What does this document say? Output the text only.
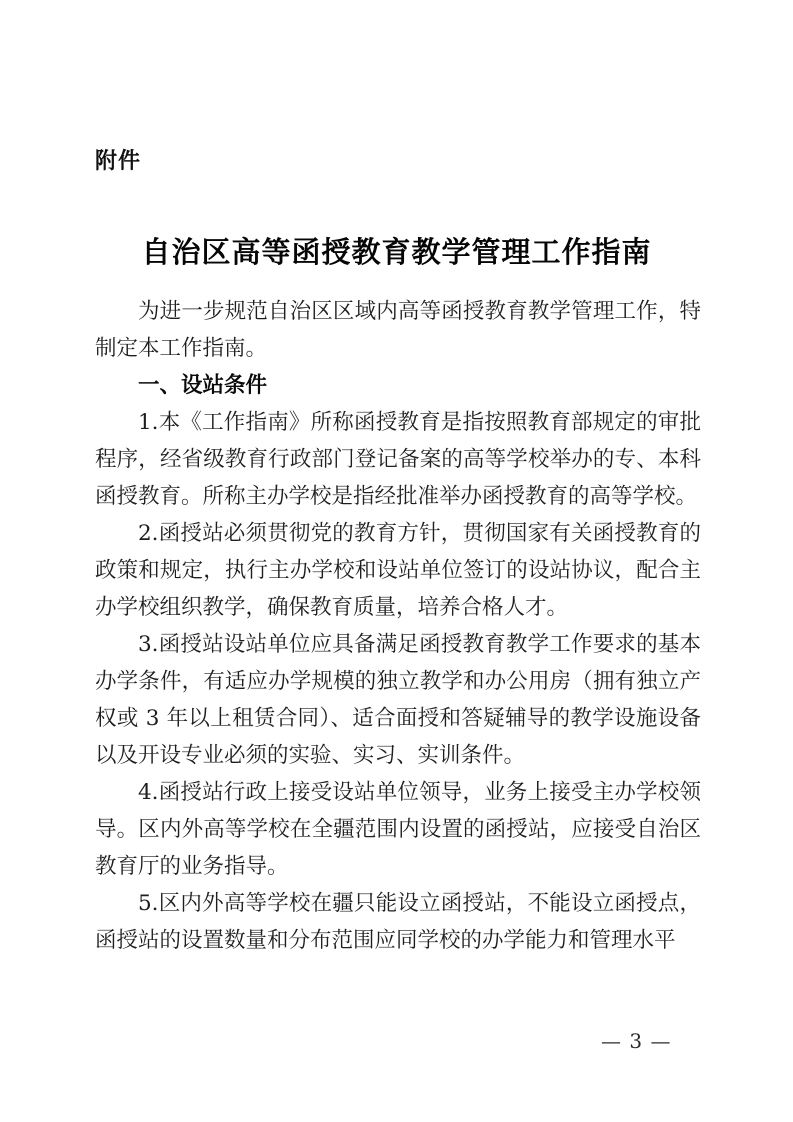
附件
自治区高等函授教育教学管理工作指南

为进一步规范自治区区域内高等函授教育教学管理工作，特制定本工作指南。

一、设站条件

1.本《工作指南》所称函授教育是指按照教育部规定的审批程序，经省级教育行政部门登记备案的高等学校举办的专、本科函授教育。所称主办学校是指经批准举办函授教育的高等学校。

2.函授站必须贯彻党的教育方针，贯彻国家有关函授教育的政策和规定，执行主办学校和设站单位签订的设站协议，配合主办学校组织教学，确保教育质量，培养合格人才。

3.函授站设站单位应具备满足函授教育教学工作要求的基本办学条件，有适应办学规模的独立教学和办公用房（拥有独立产权或 3 年以上租赁合同）、适合面授和答疑辅导的教学设施设备以及开设专业必须的实验、实习、实训条件。

4.函授站行政上接受设站单位领导，业务上接受主办学校领导。区内外高等学校在全疆范围内设置的函授站，应接受自治区教育厅的业务指导。

5.区内外高等学校在疆只能设立函授站，不能设立函授点，函授站的设置数量和分布范围应同学校的办学能力和管理水平

— 3 —
